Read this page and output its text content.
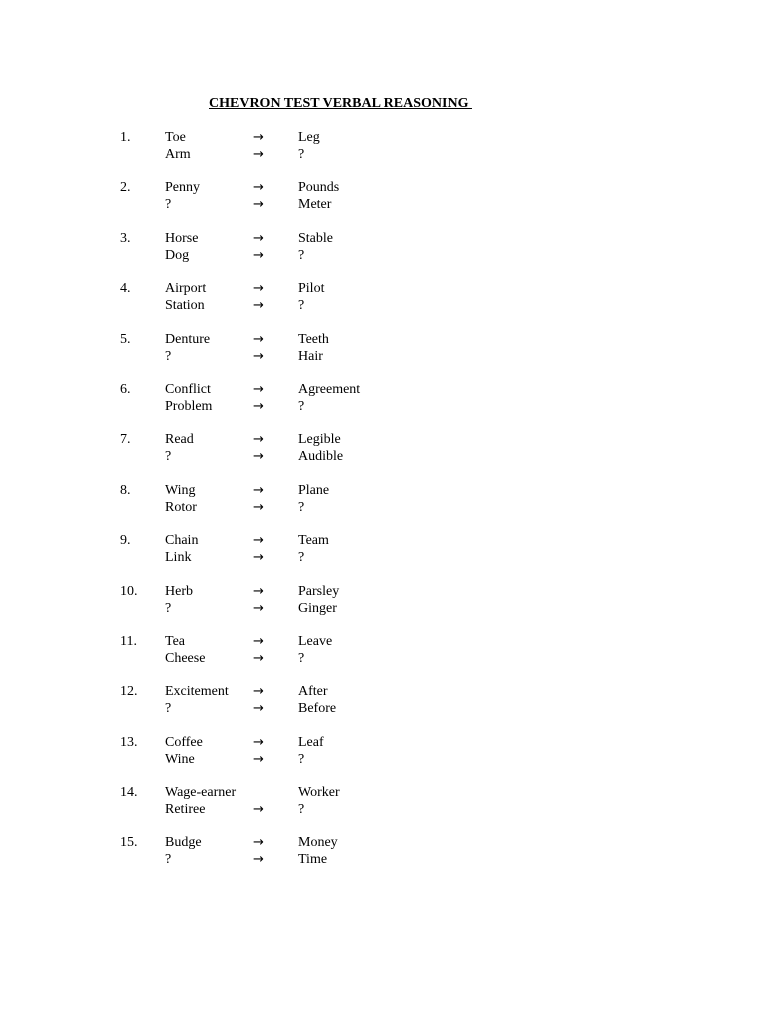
CHEVRON TEST VERBAL REASONING
1. Toe	→ Leg
Arm	→ ?
2. Penny	→ Pounds
?	→ Meter
3. Horse	→ Stable
Dog	→ ?
4. Airport	→ Pilot
Station	→ ?
5. Denture	→ Teeth
?	→ Hair
6. Conflict	→ Agreement
Problem	→ ?
7. Read	→ Legible
?	→ Audible
8. Wing	→ Plane
Rotor	→ ?
9. Chain	→ Team
Link	→ ?
10. Herb	→ Parsley
?	→ Ginger
11. Tea	→ Leave
Cheese	→ ?
12. Excitement → After
?	→ Before
13. Coffee	→ Leaf
Wine	→ ?
14. Wage-earner	Worker
Retiree	→ ?
15. Budge	→ Money
?	→ Time
